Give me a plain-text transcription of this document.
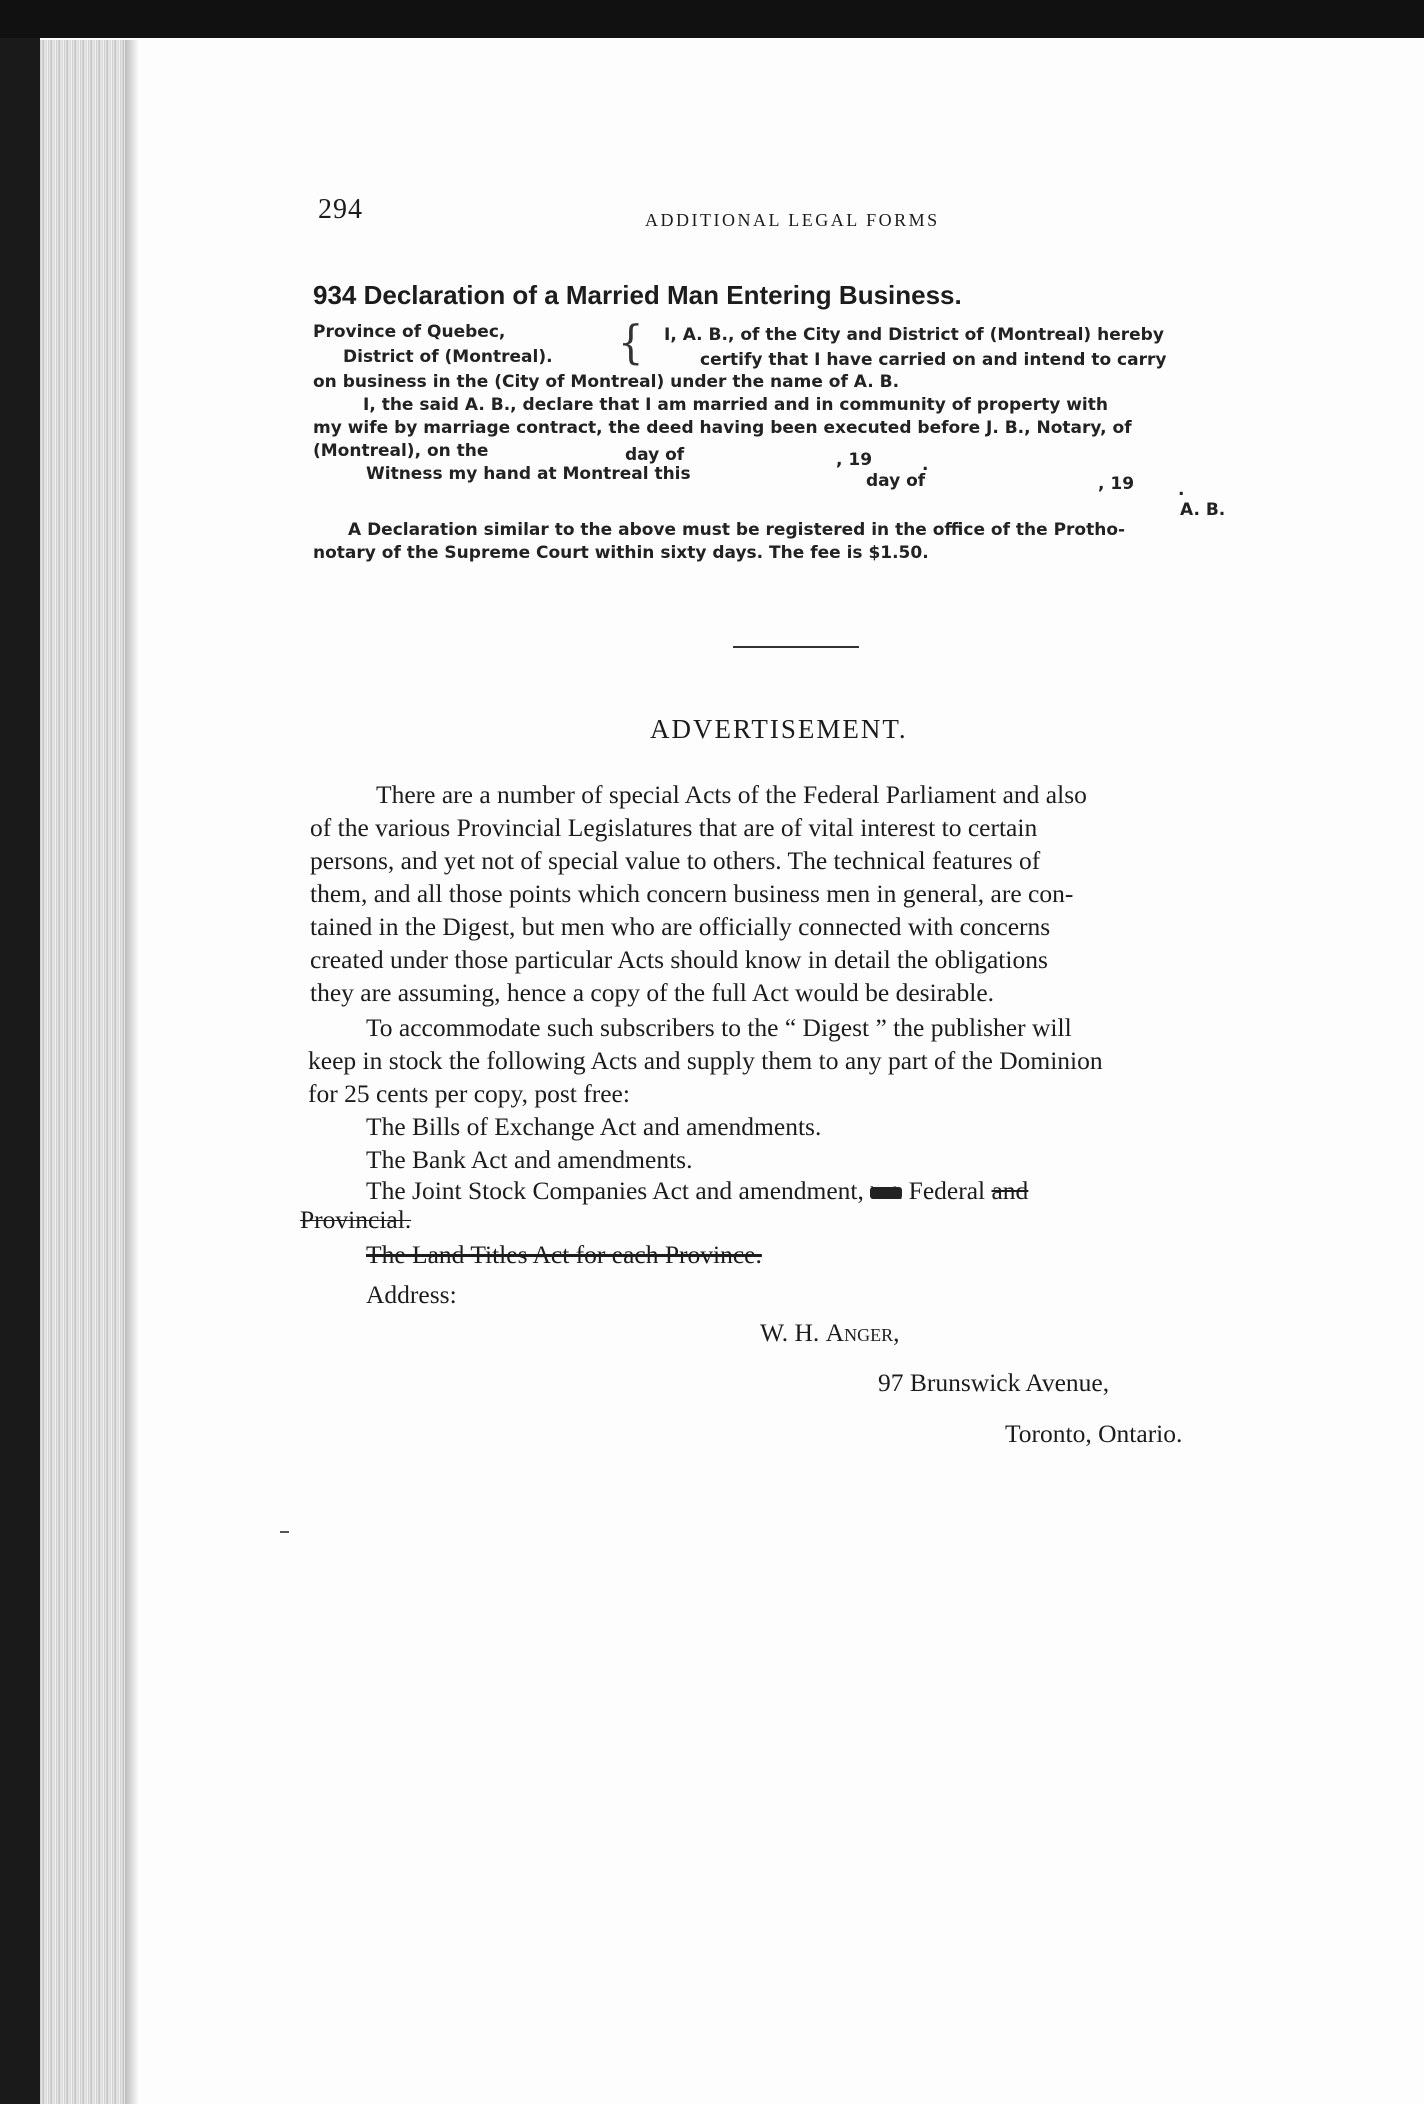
294	ADDITIONAL LEGAL FORMS
934 Declaration of a Married Man Entering Business.
Province of Quebec,
District of (Montreal). { I, A. B., of the City and District of (Montreal) hereby
certify that I have carried on and intend to carry
on business in the (City of Montreal) under the name of A. B.
I, the said A. B., declare that I am married and in community of property with
my wife by marriage contract, the deed having been executed before J. B., Notary, of
(Montreal), on the	day of	, 19	.
Witness my hand at Montreal this	day of	, 19	.
A. B.
A Declaration similar to the above must be registered in the office of the Protho-
notary of the Supreme Court within sixty days. The fee is $1.50.
ADVERTISEMENT.
There are a number of special Acts of the Federal Parliament and also
of the various Provincial Legislatures that are of vital interest to certain
persons, and yet not of special value to others. The technical features of
them, and all those points which concern business men in general, are con-
tained in the Digest, but men who are officially connected with concerns
created under those particular Acts should know in detail the obligations
they are assuming, hence a copy of the full Act would be desirable.
To accommodate such subscribers to the “ Digest ” the publisher will
keep in stock the following Acts and supply them to any part of the Dominion
for 25 cents per copy, post free:
The Bills of Exchange Act and amendments.
The Bank Act and amendments.
The Joint Stock Companies Act and amendment, both Federal and
Provincial.
The Land Titles Act for each Province.
Address:
W. H. Anger,
97 Brunswick Avenue,
Toronto, Ontario.
